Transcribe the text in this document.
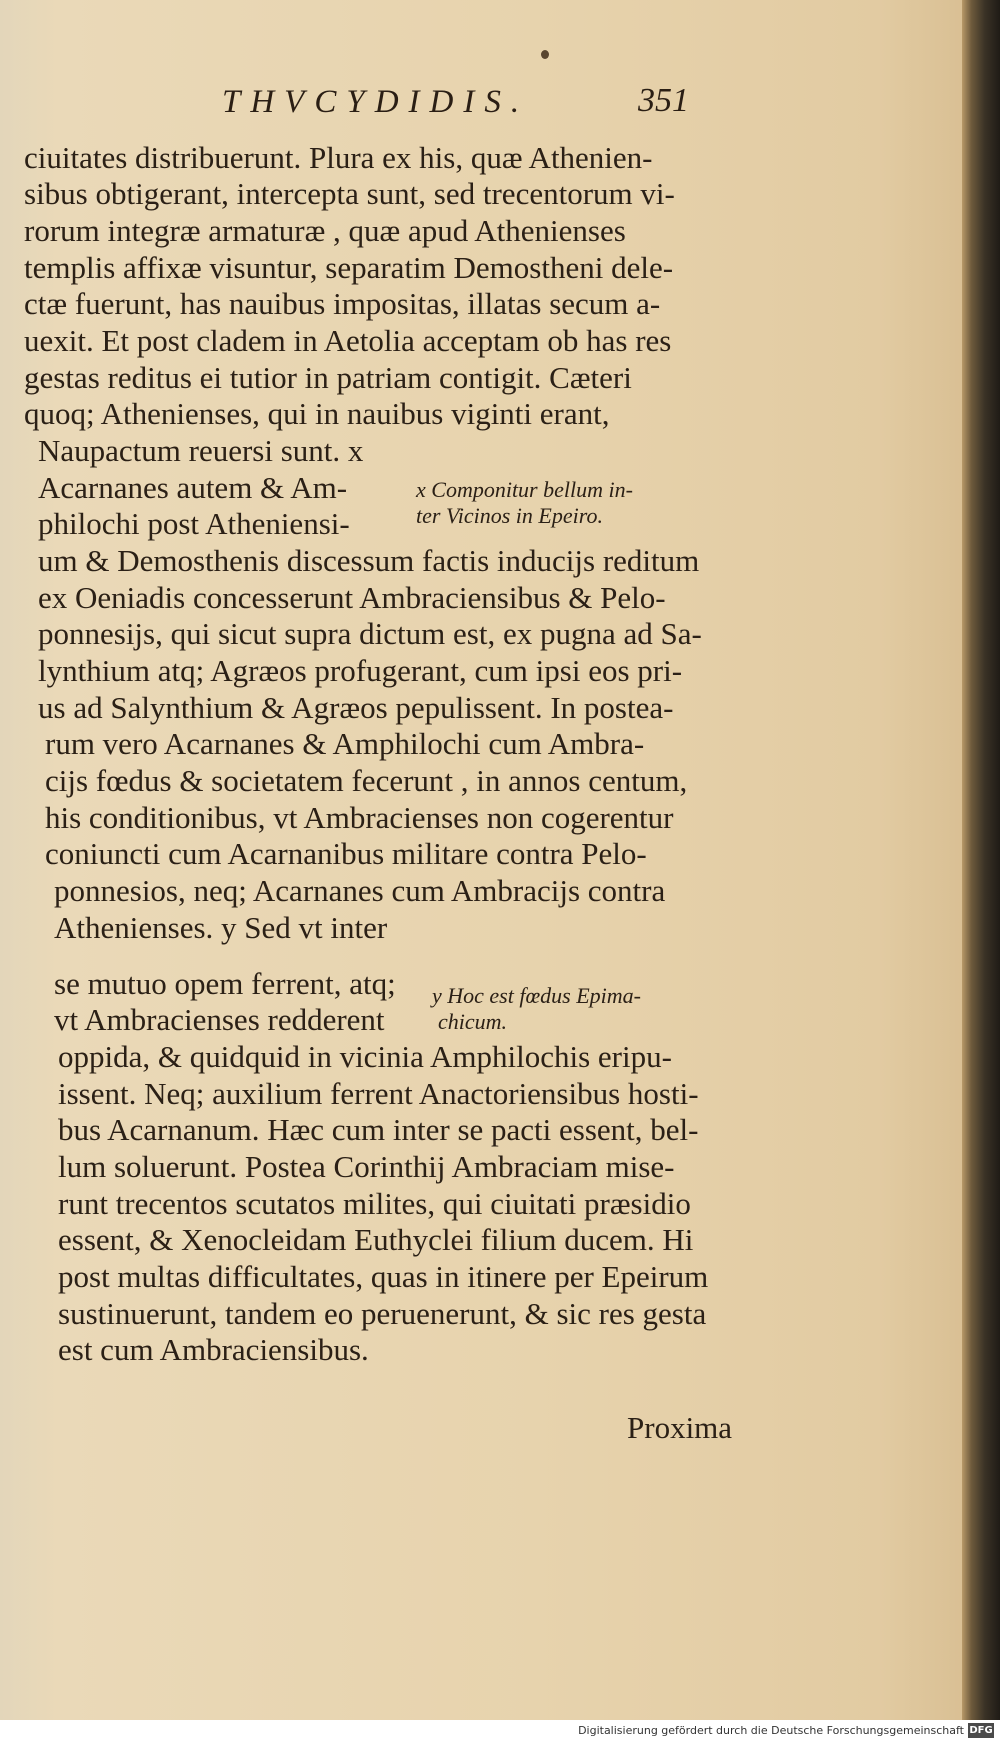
THVCYDIDIS.	351
ciuitates distribuerunt. Plura ex his, quæ Athenien-
sibus obtigerant, intercepta sunt, sed trecentorum vi-
rorum integræ armaturæ , quæ apud Athenienses
templis affixæ visuntur, separatim Demostheni dele-
ctæ fuerunt, has nauibus impositas, illatas secum a-
uexit. Et post cladem in Aetolia acceptam ob has res
gestas reditus ei tutior in patriam contigit. Cæteri
quoq; Athenienses, qui in nauibus viginti erant,
Naupactum reuersi sunt. x
Acarnanes autem & Am-
philochi post Atheniensi-
um & Demosthenis discessum factis inducijs reditum
ex Oeniadis concesserunt Ambraciensibus & Pelo-
ponnesijs, qui sicut supra dictum est, ex pugna ad Sa-
lynthium atq; Agræos profugerant, cum ipsi eos pri-
us ad Salynthium & Agræos pepulissent. In postea-
rum vero Acarnanes & Amphilochi cum Ambra-
cijs fœdus & societatem fecerunt , in annos centum,
his conditionibus, vt Ambracienses non cogerentur
coniuncti cum Acarnanibus militare contra Pelo-
ponnesios, neq; Acarnanes cum Ambracijs contra
Athenienses. y Sed vt inter
se mutuo opem ferrent, atq;
vt Ambracienses redderent
oppida, & quidquid in vicinia Amphilochis eripu-
issent. Neq; auxilium ferrent Anactoriensibus hosti-
bus Acarnanum. Hæc cum inter se pacti essent, bel-
lum soluerunt. Postea Corinthij Ambraciam mise-
runt trecentos scutatos milites, qui ciuitati præsidio
essent, & Xenocleidam Euthyclei filium ducem. Hi
post multas difficultates, quas in itinere per Epeirum
sustinuerunt, tandem eo peruenerunt, & sic res gesta
est cum Ambraciensibus.
x Componitur bellum in-
ter Vicinos in Epeiro.
y Hoc est fœdus Epima-
chicum.
Proxima
Digitalisierung gefördert durch die Deutsche Forschungsgemeinschaft DFG
